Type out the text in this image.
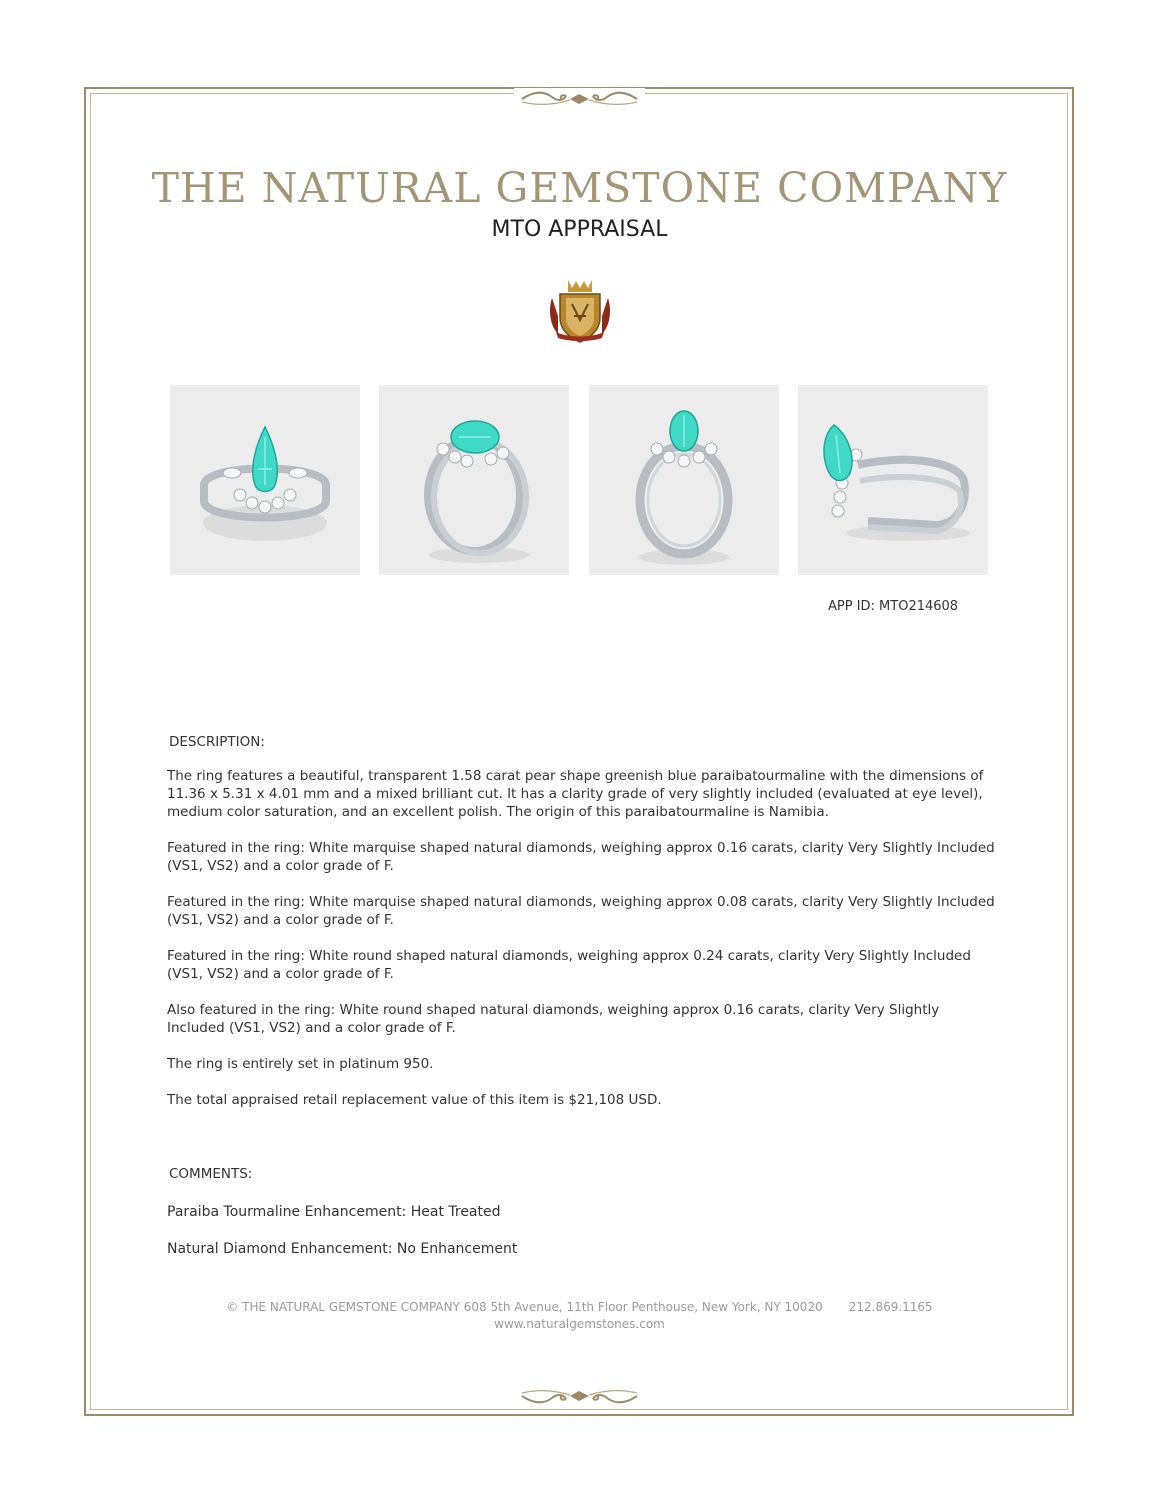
THE NATURAL GEMSTONE COMPANY
MTO APPRAISAL
APP ID: MTO214608
DESCRIPTION:

The ring features a beautiful, transparent 1.58 carat pear shape greenish blue paraibatourmaline with the dimensions of 11.36 x 5.31 x 4.01 mm and a mixed brilliant cut. It has a clarity grade of very slightly included (evaluated at eye level), medium color saturation, and an excellent polish. The origin of this paraibatourmaline is Namibia.

Featured in the ring: White marquise shaped natural diamonds, weighing approx 0.16 carats, clarity Very Slightly Included (VS1, VS2) and a color grade of F.

Featured in the ring: White marquise shaped natural diamonds, weighing approx 0.08 carats, clarity Very Slightly Included (VS1, VS2) and a color grade of F.

Featured in the ring: White round shaped natural diamonds, weighing approx 0.24 carats, clarity Very Slightly Included (VS1, VS2) and a color grade of F.

Also featured in the ring: White round shaped natural diamonds, weighing approx 0.16 carats, clarity Very Slightly Included (VS1, VS2) and a color grade of F.

The ring is entirely set in platinum 950.

The total appraised retail replacement value of this item is $21,108 USD.

COMMENTS:

Paraiba Tourmaline Enhancement: Heat Treated

Natural Diamond Enhancement: No Enhancement

© THE NATURAL GEMSTONE COMPANY 608 5th Avenue, 11th Floor Penthouse, New York, NY 10020 212.869.1165
www.naturalgemstones.com
